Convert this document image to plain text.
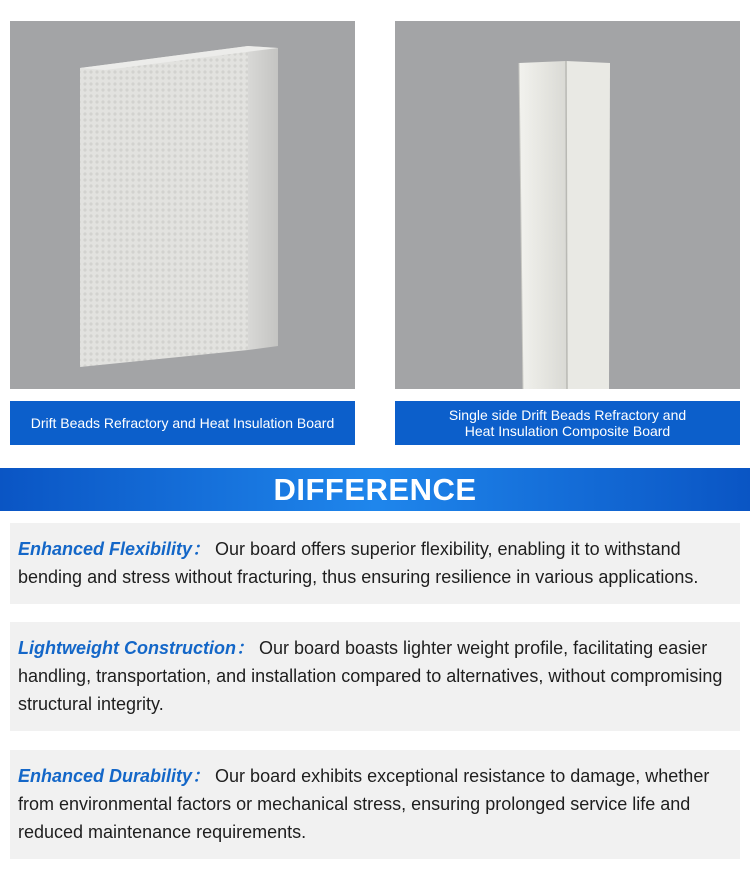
Drift Beads Refractory and Heat Insulation Board	Single side Drift Beads Refractory and
Heat Insulation Composite Board
DIFFERENCE
Enhanced Flexibility： Our board offers superior flexibility, enabling it to withstand bending and stress without fracturing, thus ensuring resilience in various applications.
Lightweight Construction： Our board boasts lighter weight profile, facilitating easier handling, transportation, and installation compared to alternatives, without compromising structural integrity.
Enhanced Durability： Our board exhibits exceptional resistance to damage, whether from environmental factors or mechanical stress, ensuring prolonged service life and reduced maintenance requirements.
